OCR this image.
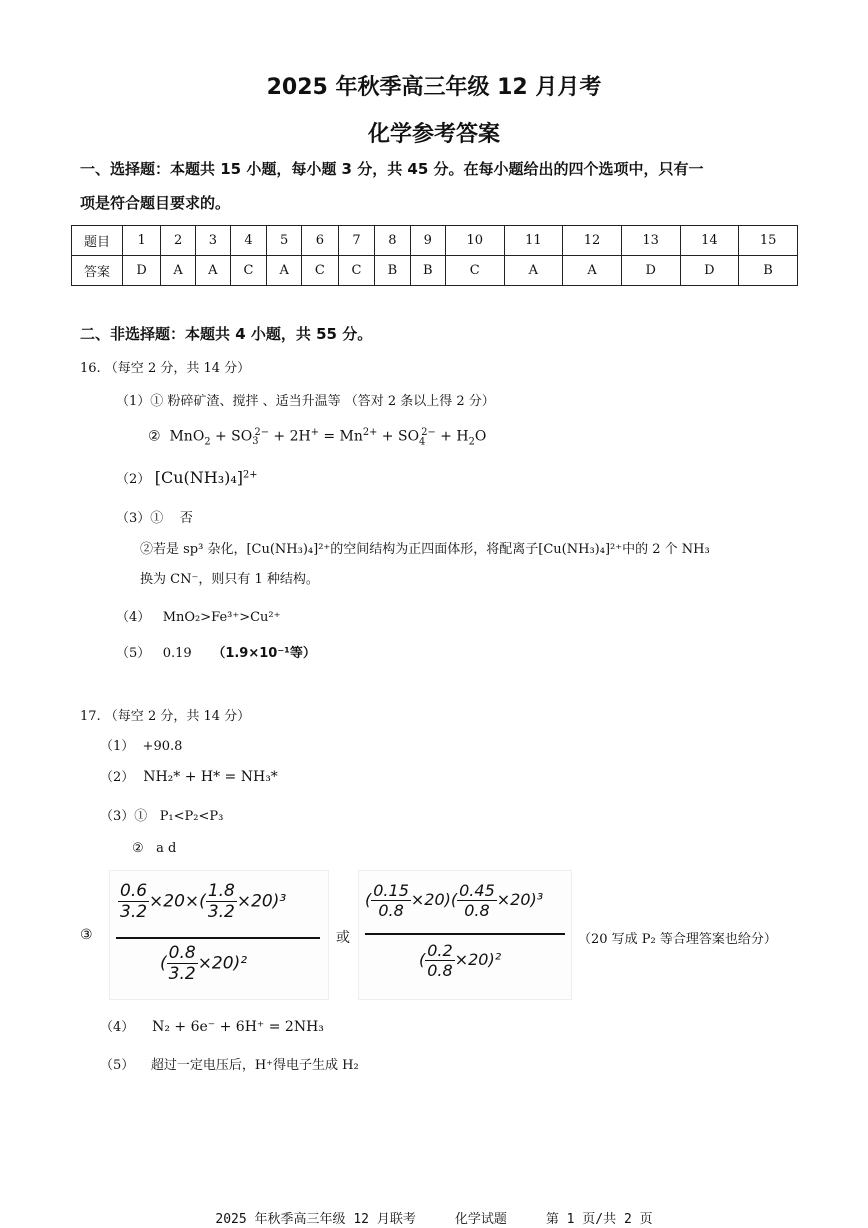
2025 年秋季高三年级 12 月月考
化学参考答案
一、选择题：本题共 15 小题，每小题 3 分，共 45 分。在每小题给出的四个选项中，只有一
项是符合题目要求的。
题目	1	2	3	4	5	6	7	8	9	10	11	12	13	14	15
答案	D	A	A	C	A	C	C	B	B	C	A	A	D	D	B
二、非选择题：本题共 4 小题，共 55 分。
16. （每空 2 分，共 14 分）
（1）① 粉碎矿渣、搅拌 、适当升温等 （答对 2 条以上得 2 分）
② $MnO_2 + SO_3^{2-} + 2H^+ = Mn^{2+} + SO_4^{2-} + H_2O$
（2） $[Cu(NH_3)_4]^{2+}$
（3）① 否
②若是 sp³ 杂化，[Cu(NH₃)₄]²⁺的空间结构为正四面体形，将配离子[Cu(NH₃)₄]²⁺中的 2 个 NH₃
换为 CN⁻，则只有 1 种结构。
（4） MnO₂>Fe³⁺>Cu²⁺
（5） 0.19 （1.9×10⁻¹等）
17. （每空 2 分，共 14 分）
（1） +90.8
（2） NH₂* + H* = NH₃*
（3）① P₁<P₂<P₃
② a d
③
$\frac{0.6}{3.2} \times 20\times( \frac{1.8}{3.2} \times 20)^3$
( $\frac{0.8}{3.2} \times 20)^2$
或
( $\frac{0.15}{0.8} \times 20)( \frac{0.45}{0.8} \times 20)^3$
( $\frac{0.2}{0.8} \times 20)^2$
（20 写成 P₂ 等合理答案也给分）
（4） N₂ + 6e⁻ + 6H⁺ = 2NH₃
（5） 超过一定电压后，H⁺得电子生成 H₂
2025 年秋季高三年级 12 月联考　　　化学试题　　　第 1 页/共 2 页
